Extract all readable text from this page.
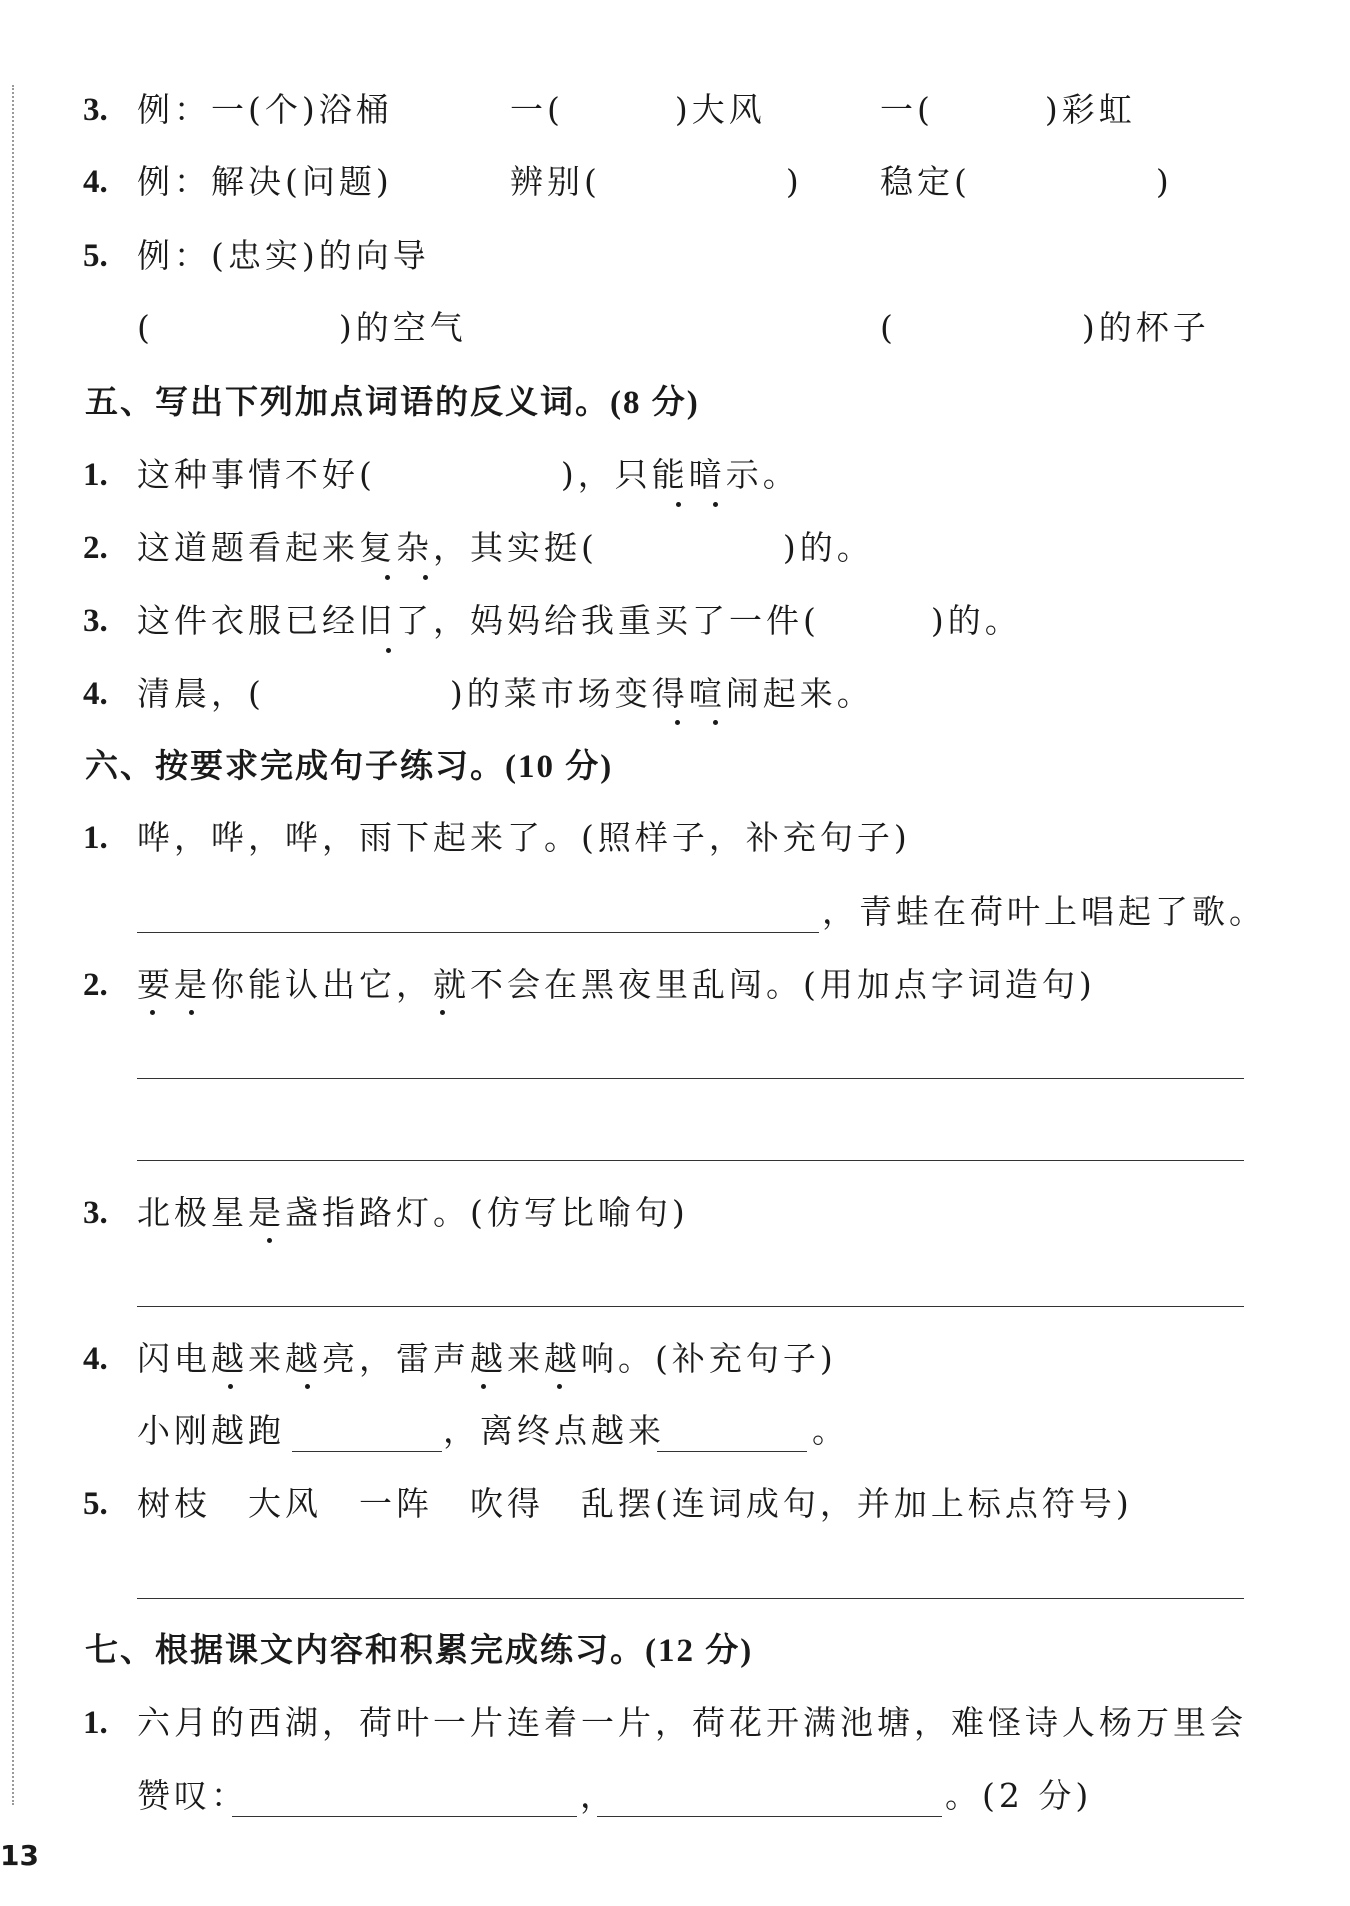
3. 例：一(个)浴桶	一(　　　)大风	一(　　　)彩虹
4. 例：解决(问题)	辨别(　　　　　) 稳定(　　　　　)
5. 例：(忠实)的向导
(　　　　　)的空气	(　　　　　)的杯子
五、写出下列加点词语的反义词。(8 分)
1. 这种事情不好(　　　　　)，只能暗示。
2. 这道题看起来复杂，其实挺(　　　　　)的。
3. 这件衣服已经旧了，妈妈给我重买了一件(　　　)的。
4. 清晨，(　　　　　)的菜市场变得喧闹起来。
六、按要求完成句子练习。(10 分)
1. 哗，哗，哗，雨下起来了。(照样子，补充句子)
，青蛙在荷叶上唱起了歌。
2. 要是你能认出它，就不会在黑夜里乱闯。(用加点字词造句)
3. 北极星是盏指路灯。(仿写比喻句)
4. 闪电越来越亮，雷声越来越响。(补充句子)
小刚越跑	，离终点越来	。
5. 树枝　大风　一阵　吹得　乱摆(连词成句，并加上标点符号)
七、根据课文内容和积累完成练习。(12 分)
1. 六月的西湖，荷叶一片连着一片，荷花开满池塘，难怪诗人杨万里会
赞叹：	，	。(2 分)
13
